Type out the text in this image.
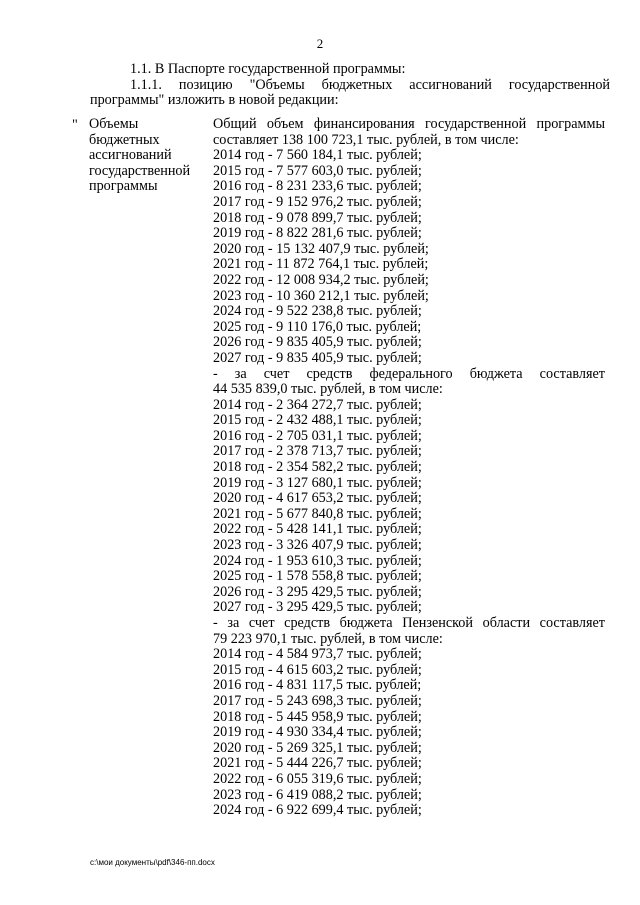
2
1.1. В Паспорте государственной программы:
1.1.1. позицию "Объемы бюджетных ассигнований государственной
программы" изложить в новой редакции:
" Объемы
бюджетных
ассигнований
государственной
программы
Общий объем финансирования государственной программы
составляет 138 100 723,1 тыс. рублей, в том числе:
2014 год - 7 560 184,1 тыс. рублей;
2015 год - 7 577 603,0 тыс. рублей;
2016 год - 8 231 233,6 тыс. рублей;
2017 год - 9 152 976,2 тыс. рублей;
2018 год - 9 078 899,7 тыс. рублей;
2019 год - 8 822 281,6 тыс. рублей;
2020 год - 15 132 407,9 тыс. рублей;
2021 год - 11 872 764,1 тыс. рублей;
2022 год - 12 008 934,2 тыс. рублей;
2023 год - 10 360 212,1 тыс. рублей;
2024 год - 9 522 238,8 тыс. рублей;
2025 год - 9 110 176,0 тыс. рублей;
2026 год - 9 835 405,9 тыс. рублей;
2027 год - 9 835 405,9 тыс. рублей;
- за счет средств федерального бюджета составляет
44 535 839,0 тыс. рублей, в том числе:
2014 год - 2 364 272,7 тыс. рублей;
2015 год - 2 432 488,1 тыс. рублей;
2016 год - 2 705 031,1 тыс. рублей;
2017 год - 2 378 713,7 тыс. рублей;
2018 год - 2 354 582,2 тыс. рублей;
2019 год - 3 127 680,1 тыс. рублей;
2020 год - 4 617 653,2 тыс. рублей;
2021 год - 5 677 840,8 тыс. рублей;
2022 год - 5 428 141,1 тыс. рублей;
2023 год - 3 326 407,9 тыс. рублей;
2024 год - 1 953 610,3 тыс. рублей;
2025 год - 1 578 558,8 тыс. рублей;
2026 год - 3 295 429,5 тыс. рублей;
2027 год - 3 295 429,5 тыс. рублей;
- за счет средств бюджета Пензенской области составляет
79 223 970,1 тыс. рублей, в том числе:
2014 год - 4 584 973,7 тыс. рублей;
2015 год - 4 615 603,2 тыс. рублей;
2016 год - 4 831 117,5 тыс. рублей;
2017 год - 5 243 698,3 тыс. рублей;
2018 год - 5 445 958,9 тыс. рублей;
2019 год - 4 930 334,4 тыс. рублей;
2020 год - 5 269 325,1 тыс. рублей;
2021 год - 5 444 226,7 тыс. рублей;
2022 год - 6 055 319,6 тыс. рублей;
2023 год - 6 419 088,2 тыс. рублей;
2024 год - 6 922 699,4 тыс. рублей;
c:\мои документы\pdf\346-пп.docx
